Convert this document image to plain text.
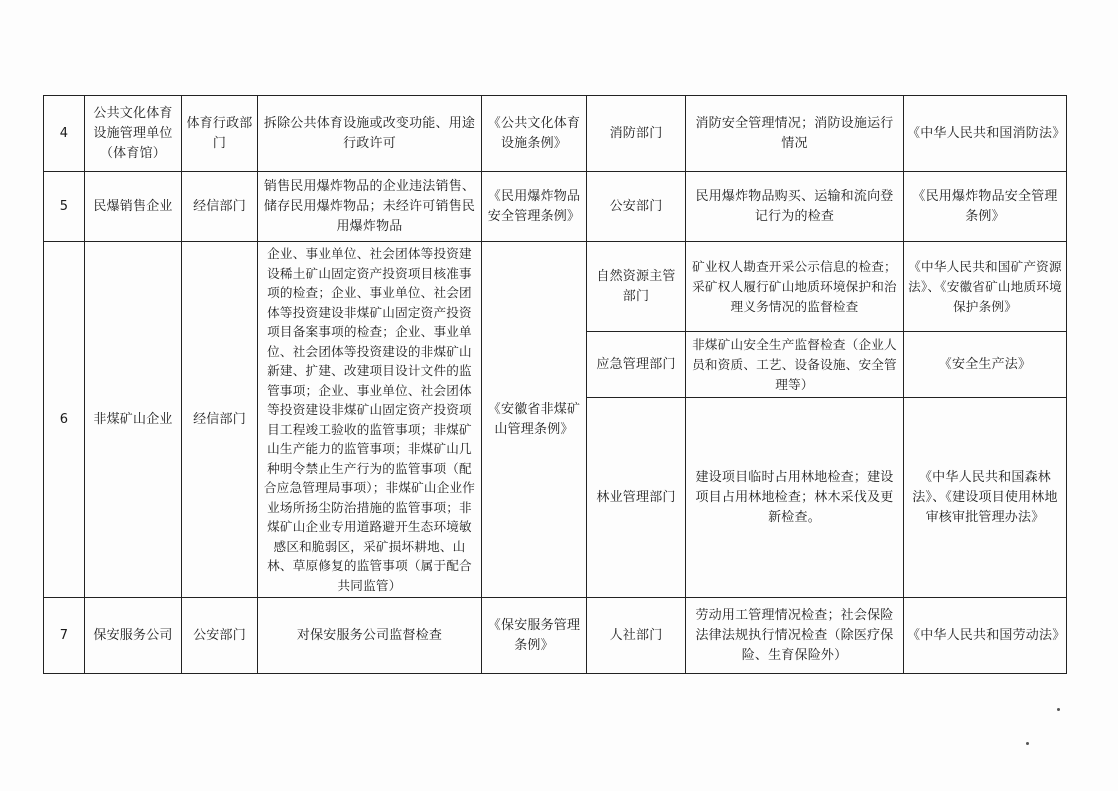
4	公共文化体育设施管理单位（体育馆）	体育行政部门	拆除公共体育设施或改变功能、用途行政许可	《公共文化体育设施条例》	消防部门	消防安全管理情况；消防设施运行情况	《中华人民共和国消防法》
5	民爆销售企业	经信部门	销售民用爆炸物品的企业违法销售、储存民用爆炸物品；未经许可销售民用爆炸物品	《民用爆炸物品安全管理条例》	公安部门	民用爆炸物品购买、运输和流向登记行为的检查	《民用爆炸物品安全管理条例》
6	非煤矿山企业	经信部门	企业、事业单位、社会团体等投资建设稀土矿山固定资产投资项目核准事项的检查；企业、事业单位、社会团体等投资建设非煤矿山固定资产投资项目备案事项的检查；企业、事业单位、社会团体等投资建设的非煤矿山新建、扩建、改建项目设计文件的监管事项；企业、事业单位、社会团体等投资建设非煤矿山固定资产投资项目工程竣工验收的监管事项；非煤矿山生产能力的监管事项；非煤矿山几种明令禁止生产行为的监管事项（配合应急管理局事项）；非煤矿山企业作业场所扬尘防治措施的监管事项；非煤矿山企业专用道路避开生态环境敏感区和脆弱区，采矿损坏耕地、山林、草原修复的监管事项（属于配合共同监管）	《安徽省非煤矿山管理条例》	自然资源主管部门	矿业权人勘查开采公示信息的检查；采矿权人履行矿山地质环境保护和治理义务情况的监督检查	《中华人民共和国矿产资源法》、《安徽省矿山地质环境保护条例》
					应急管理部门	非煤矿山安全生产监督检查（企业人员和资质、工艺、设备设施、安全管理等）	《安全生产法》
					林业管理部门	建设项目临时占用林地检查；建设项目占用林地检查；林木采伐及更新检查。	《中华人民共和国森林法》、《建设项目使用林地审核审批管理办法》
7	保安服务公司	公安部门	对保安服务公司监督检查	《保安服务管理条例》	人社部门	劳动用工管理情况检查；社会保险法律法规执行情况检查（除医疗保险、生育保险外）	《中华人民共和国劳动法》
